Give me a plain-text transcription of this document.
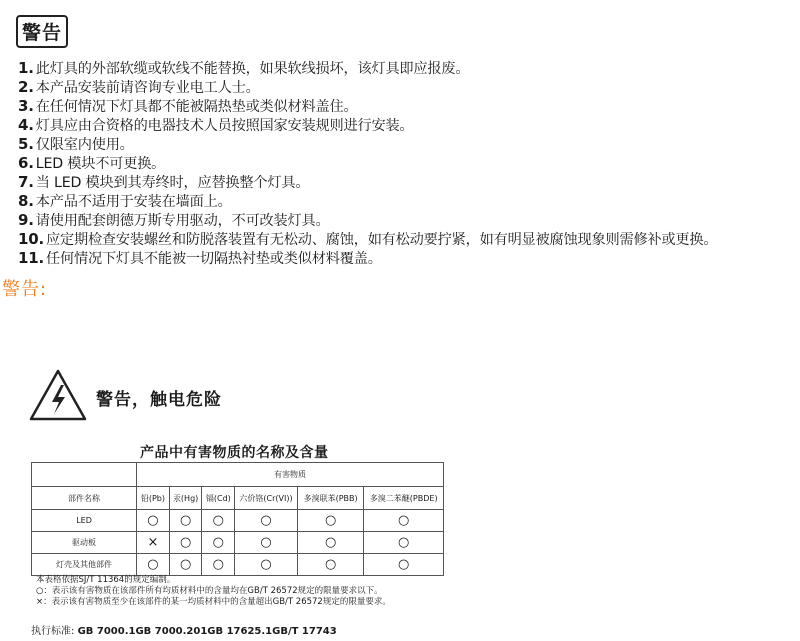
警告
1. 此灯具的外部软缆或软线不能替换，如果软线损坏，该灯具即应报废。
2. 本产品安装前请咨询专业电工人士。
3. 在任何情况下灯具都不能被隔热垫或类似材料盖住。
4. 灯具应由合资格的电器技术人员按照国家安装规则进行安装。
5. 仅限室内使用。
6. LED 模块不可更换。
7. 当 LED 模块到其寿终时，应替换整个灯具。
8. 本产品不适用于安装在墙面上。
9. 请使用配套朗德万斯专用驱动，不可改装灯具。
10. 应定期检查安装螺丝和防脱落装置有无松动、腐蚀，如有松动要拧紧，如有明显被腐蚀现象则需修补或更换。
11. 任何情况下灯具不能被一切隔热衬垫或类似材料覆盖。
警告:
警告，触电危险
产品中有害物质的名称及含量
	有害物质					
部件名称	铅(Pb)	汞(Hg)	镉(Cd)	六价铬(Cr(VI))	多溴联苯(PBB)	多溴二苯醚(PBDE)
LED	○	○	○	○	○	○
驱动板	×	○	○	○	○	○
灯壳及其他部件	○	○	○	○	○	○
本表格依据SJ/T 11364的规定编制。
○：表示该有害物质在该部件所有均质材料中的含量均在GB/T 26572规定的限量要求以下。
×：表示该有害物质至少在该部件的某一均质材料中的含量超出GB/T 26572规定的限量要求。
执行标准: GB 7000.1GB 7000.201GB 17625.1GB/T 17743
